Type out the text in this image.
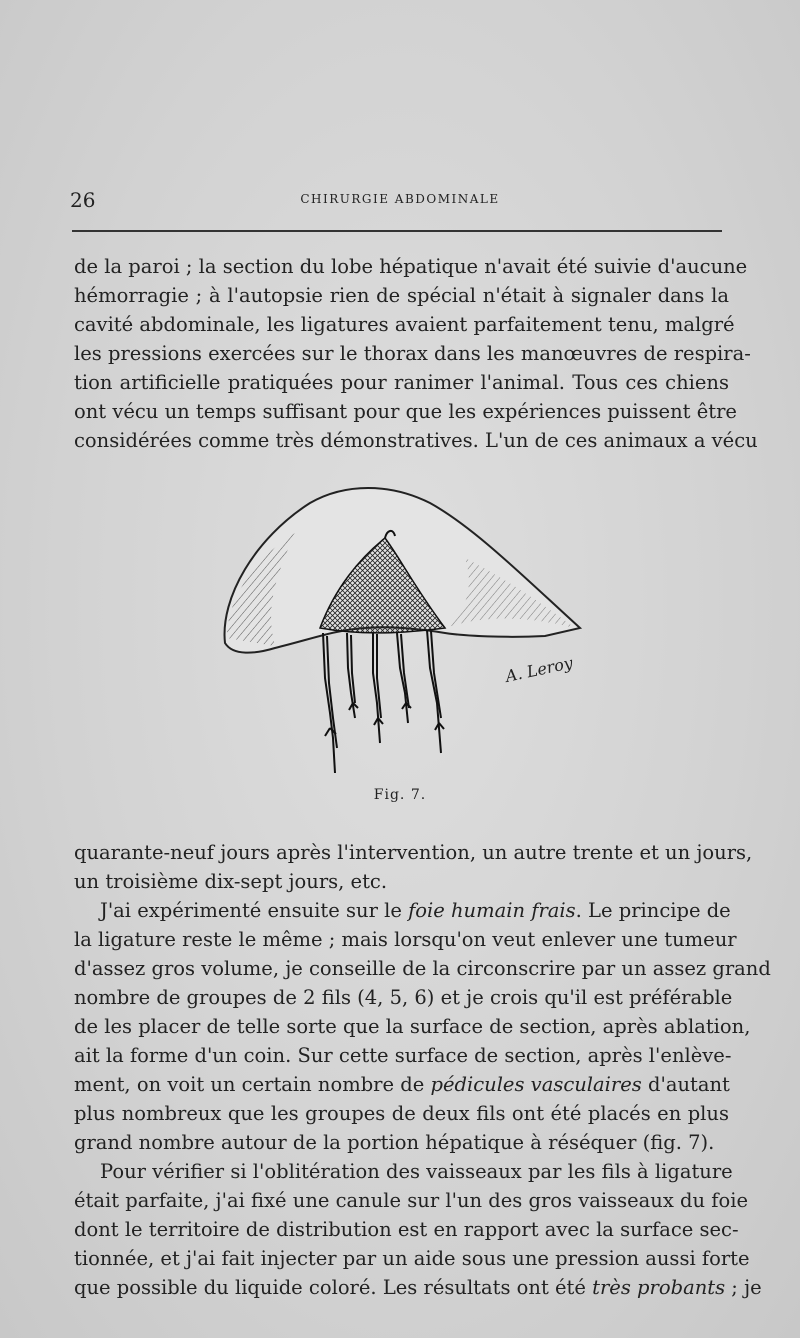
26	CHIRURGIE ABDOMINALE
de la paroi ; la section du lobe hépatique n'avait été suivie d'aucune
hémorragie ; à l'autopsie rien de spécial n'était à signaler dans la
cavité abdominale, les ligatures avaient parfaitement tenu, malgré
les pressions exercées sur le thorax dans les manœuvres de respira-
tion artificielle pratiquées pour ranimer l'animal. Tous ces chiens
ont vécu un temps suffisant pour que les expériences puissent être
considérées comme très démonstratives. L'un de ces animaux a vécu
A. Leroy
Fig. 7.
quarante-neuf jours après l'intervention, un autre trente et un jours,
un troisième dix-sept jours, etc.
J'ai expérimenté ensuite sur le foie humain frais. Le principe de
la ligature reste le même ; mais lorsqu'on veut enlever une tumeur
d'assez gros volume, je conseille de la circonscrire par un assez grand
nombre de groupes de 2 fils (4, 5, 6) et je crois qu'il est préférable
de les placer de telle sorte que la surface de section, après ablation,
ait la forme d'un coin. Sur cette surface de section, après l'enlève-
ment, on voit un certain nombre de pédicules vasculaires d'autant
plus nombreux que les groupes de deux fils ont été placés en plus
grand nombre autour de la portion hépatique à réséquer (fig. 7).
Pour vérifier si l'oblitération des vaisseaux par les fils à ligature
était parfaite, j'ai fixé une canule sur l'un des gros vaisseaux du foie
dont le territoire de distribution est en rapport avec la surface sec-
tionnée, et j'ai fait injecter par un aide sous une pression aussi forte
que possible du liquide coloré. Les résultats ont été très probants ; je
